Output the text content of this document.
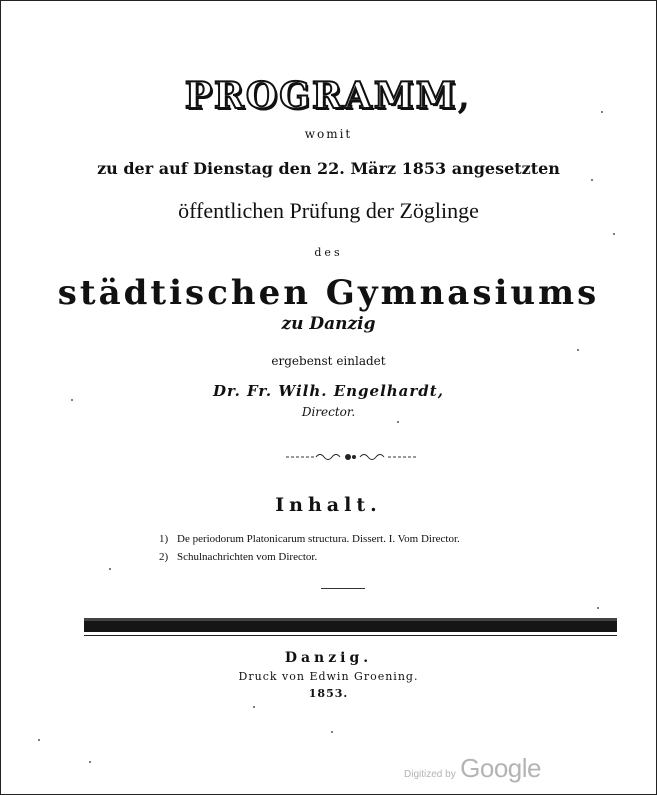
PROGRAMM,
womit
zu der auf Dienstag den 22. März 1853 angesetzten
öffentlichen Prüfung der Zöglinge
des
städtischen Gymnasiums
zu Danzig
ergebenst einladet
Dr. Fr. Wilh. Engelhardt,
Director.
Inhalt.
1) De periodorum Platonicarum structura. Dissert. I. Vom Director.
2) Schulnachrichten vom Director.
Danzig.
Druck von Edwin Groening.
1853.
Digitized by Google
